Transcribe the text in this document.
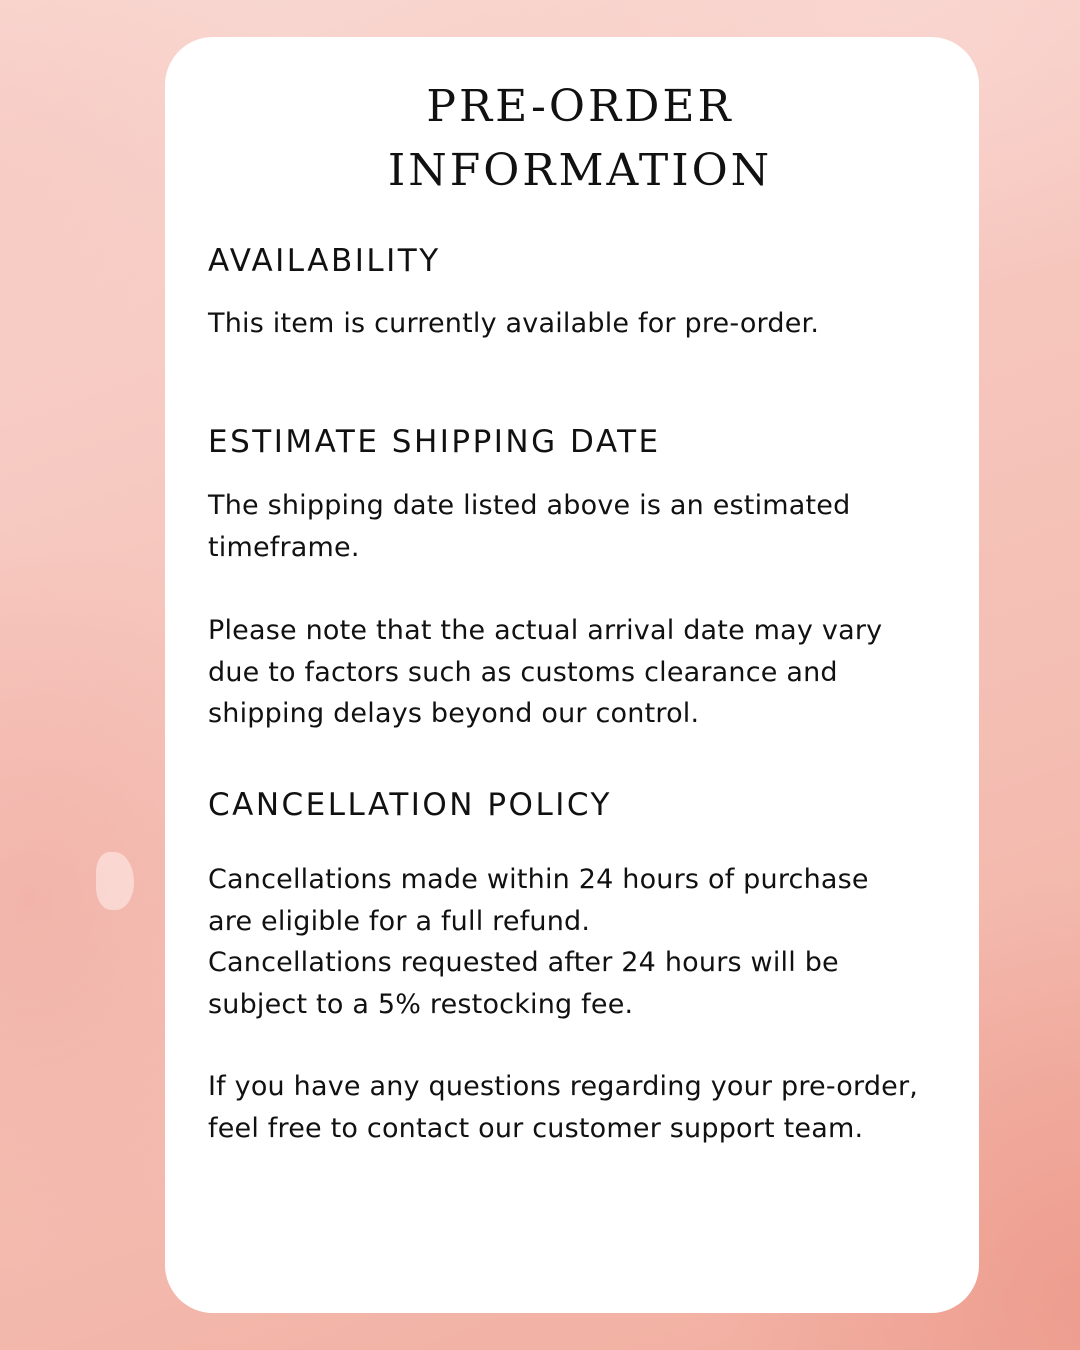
PRE-ORDER
INFORMATION
AVAILABILITY

This item is currently available for pre-order.

ESTIMATE SHIPPING DATE

The shipping date listed above is an estimated timeframe.

Please note that the actual arrival date may vary due to factors such as customs clearance and shipping delays beyond our control.

CANCELLATION POLICY

Cancellations made within 24 hours of purchase are eligible for a full refund.

Cancellations requested after 24 hours will be subject to a 5% restocking fee.

If you have any questions regarding your pre-order, feel free to contact our customer support team.
